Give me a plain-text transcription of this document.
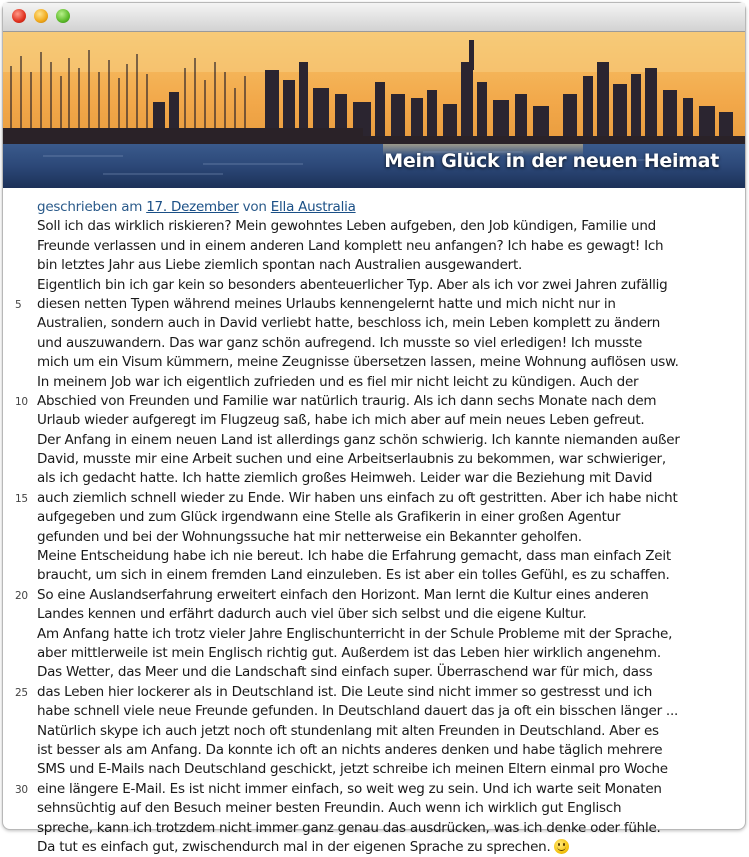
Mein Glück in der neuen Heimat
geschrieben am 17. Dezember von Ella Australia
Soll ich das wirklich riskieren? Mein gewohntes Leben aufgeben, den Job kündigen, Familie und
Freunde verlassen und in einem anderen Land komplett neu anfangen? Ich habe es gewagt! Ich
bin letztes Jahr aus Liebe ziemlich spontan nach Australien ausgewandert.
Eigentlich bin ich gar kein so besonders abenteuerlicher Typ. Aber als ich vor zwei Jahren zufällig
5 diesen netten Typen während meines Urlaubs kennengelernt hatte und mich nicht nur in
Australien, sondern auch in David verliebt hatte, beschloss ich, mein Leben komplett zu ändern
und auszuwandern. Das war ganz schön aufregend. Ich musste so viel erledigen! Ich musste
mich um ein Visum kümmern, meine Zeugnisse übersetzen lassen, meine Wohnung auflösen usw.
In meinem Job war ich eigentlich zufrieden und es fiel mir nicht leicht zu kündigen. Auch der
10 Abschied von Freunden und Familie war natürlich traurig. Als ich dann sechs Monate nach dem
Urlaub wieder aufgeregt im Flugzeug saß, habe ich mich aber auf mein neues Leben gefreut.
Der Anfang in einem neuen Land ist allerdings ganz schön schwierig. Ich kannte niemanden außer
David, musste mir eine Arbeit suchen und eine Arbeitserlaubnis zu bekommen, war schwieriger,
als ich gedacht hatte. Ich hatte ziemlich großes Heimweh. Leider war die Beziehung mit David
15 auch ziemlich schnell wieder zu Ende. Wir haben uns einfach zu oft gestritten. Aber ich habe nicht
aufgegeben und zum Glück irgendwann eine Stelle als Grafikerin in einer großen Agentur
gefunden und bei der Wohnungssuche hat mir netterweise ein Bekannter geholfen.
Meine Entscheidung habe ich nie bereut. Ich habe die Erfahrung gemacht, dass man einfach Zeit
braucht, um sich in einem fremden Land einzuleben. Es ist aber ein tolles Gefühl, es zu schaffen.
20 So eine Auslandserfahrung erweitert einfach den Horizont. Man lernt die Kultur eines anderen
Landes kennen und erfährt dadurch auch viel über sich selbst und die eigene Kultur.
Am Anfang hatte ich trotz vieler Jahre Englischunterricht in der Schule Probleme mit der Sprache,
aber mittlerweile ist mein Englisch richtig gut. Außerdem ist das Leben hier wirklich angenehm.
Das Wetter, das Meer und die Landschaft sind einfach super. Überraschend war für mich, dass
25 das Leben hier lockerer als in Deutschland ist. Die Leute sind nicht immer so gestresst und ich
habe schnell viele neue Freunde gefunden. In Deutschland dauert das ja oft ein bisschen länger ...
Natürlich skype ich auch jetzt noch oft stundenlang mit alten Freunden in Deutschland. Aber es
ist besser als am Anfang. Da konnte ich oft an nichts anderes denken und habe täglich mehrere
SMS und E-Mails nach Deutschland geschickt, jetzt schreibe ich meinen Eltern einmal pro Woche
30 eine längere E-Mail. Es ist nicht immer einfach, so weit weg zu sein. Und ich warte seit Monaten
sehnsüchtig auf den Besuch meiner besten Freundin. Auch wenn ich wirklich gut Englisch
spreche, kann ich trotzdem nicht immer ganz genau das ausdrücken, was ich denke oder fühle.
Da tut es einfach gut, zwischendurch mal in der eigenen Sprache zu sprechen.
